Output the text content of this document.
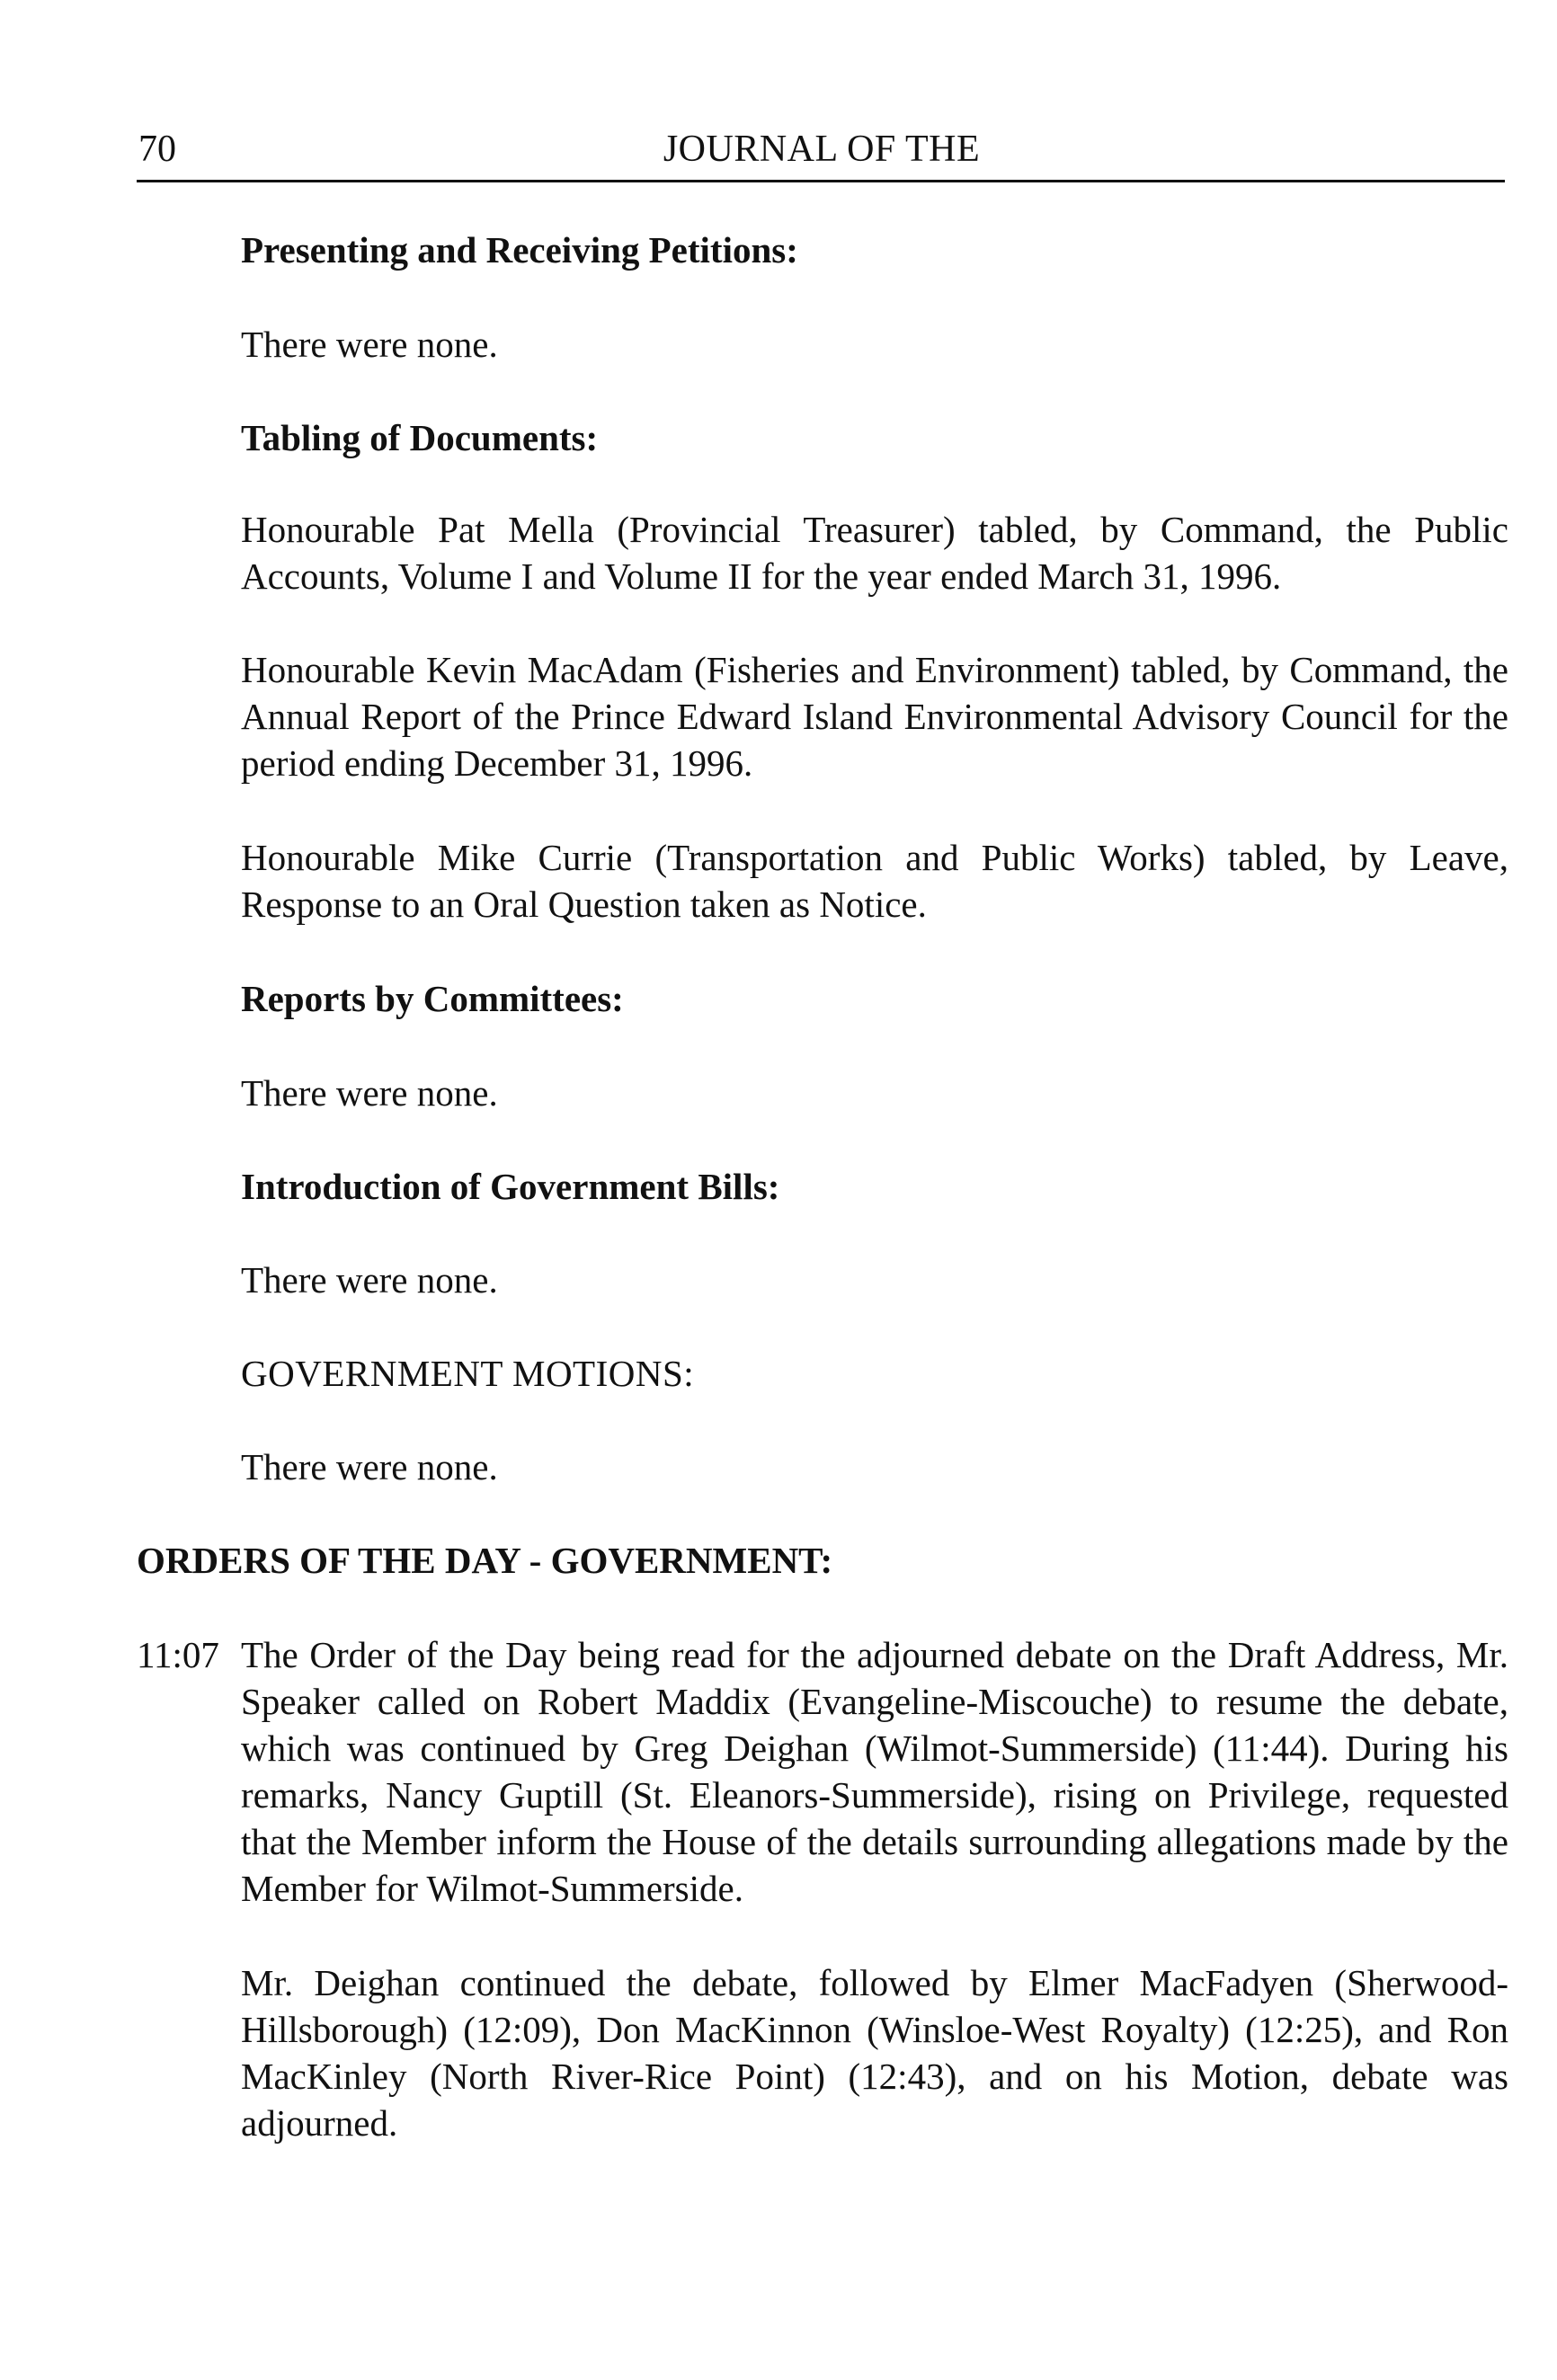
70	JOURNAL OF THE

Presenting and Receiving Petitions:

There were none.

Tabling of Documents:

Honourable Pat Mella (Provincial Treasurer) tabled, by Command, the Public Accounts, Volume I and Volume II for the year ended March 31, 1996.

Honourable Kevin MacAdam (Fisheries and Environment) tabled, by Command, the Annual Report of the Prince Edward Island Environmental Advisory Council for the period ending December 31, 1996.

Honourable Mike Currie (Transportation and Public Works) tabled, by Leave, Response to an Oral Question taken as Notice.

Reports by Committees:

There were none.

Introduction of Government Bills:

There were none.

GOVERNMENT MOTIONS:

There were none.

ORDERS OF THE DAY - GOVERNMENT:

11:07 The Order of the Day being read for the adjourned debate on the Draft Address, Mr. Speaker called on Robert Maddix (Evangeline-Miscouche) to resume the debate, which was continued by Greg Deighan (Wilmot-Summerside) (11:44). During his remarks, Nancy Guptill (St. Eleanors-Summerside), rising on Privilege, requested that the Member inform the House of the details surrounding allegations made by the Member for Wilmot-Summerside.

Mr. Deighan continued the debate, followed by Elmer MacFadyen (Sherwood-Hillsborough) (12:09), Don MacKinnon (Winsloe-West Royalty) (12:25), and Ron MacKinley (North River-Rice Point) (12:43), and on his Motion, debate was adjourned.
